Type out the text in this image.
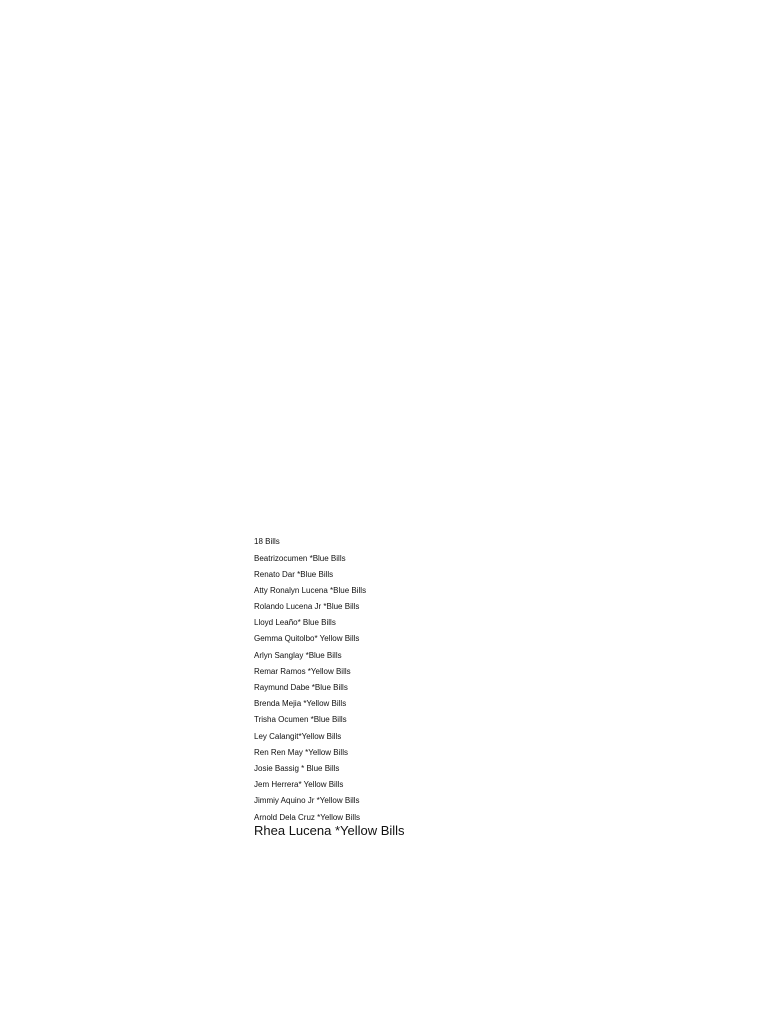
18 Bills
Beatrizocumen *Blue Bills
Renato Dar *Blue Bills
Atty Ronalyn Lucena *Blue Bills
Rolando Lucena Jr *Blue Bills
Lloyd Leaño* Blue Bills
Gemma Quitolbo* Yellow Bills
Arlyn Sanglay *Blue Bills
Remar Ramos *Yellow Bills
Raymund Dabe *Blue Bills
Brenda Mejia *Yellow Bills
Trisha Ocumen *Blue Bills
Ley Calangit*Yellow Bills
Ren Ren May *Yellow Bills
Josie Bassig * Blue Bills
Jem Herrera* Yellow Bills
Jimmiy Aquino Jr *Yellow Bills
Arnold Dela Cruz *Yellow Bills
Rhea Lucena *Yellow Bills
